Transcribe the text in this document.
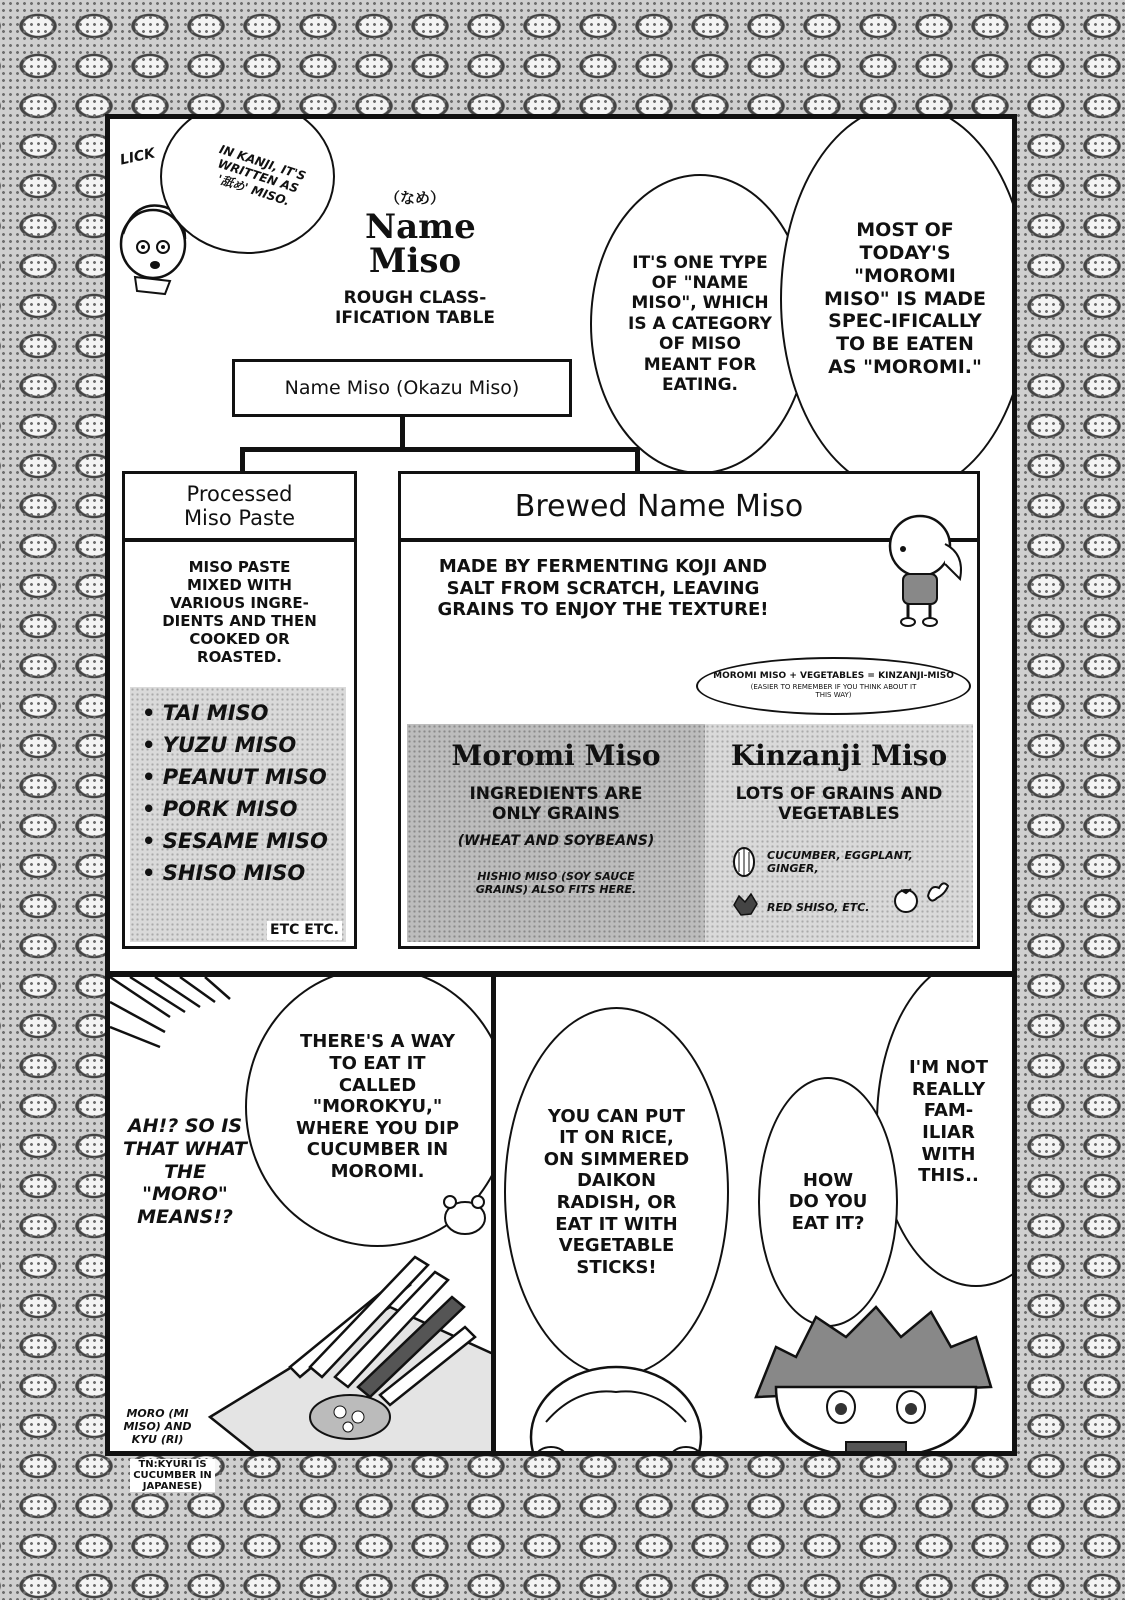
LICK	IN KANJI, IT'S WRITTEN AS '舐め' MISO.	（なめ）
Name Miso
ROUGH CLASS-IFICATION TABLE
IT'S ONE TYPE OF "NAME MISO", WHICH IS A CATEGORY OF MISO MEANT FOR EATING.
MOST OF TODAY'S "MOROMI MISO" IS MADE SPEC-IFICALLY TO BE EATEN AS "MOROMI."
Name Miso (Okazu Miso)
Processed Miso Paste
MISO PASTE MIXED WITH VARIOUS INGRE-DIENTS AND THEN COOKED OR ROASTED.
• TAI MISO
• YUZU MISO
• PEANUT MISO
• PORK MISO
• SESAME MISO
• SHISO MISO
ETC ETC.
Brewed Name Miso
MADE BY FERMENTING KOJI AND SALT FROM SCRATCH, LEAVING GRAINS TO ENJOY THE TEXTURE!
MOROMI MISO + VEGETABLES = KINZANJI-MISO
(EASIER TO REMEMBER IF YOU THINK ABOUT IT THIS WAY)
Moromi Miso
INGREDIENTS ARE ONLY GRAINS
(WHEAT AND SOYBEANS)
HISHIO MISO (SOY SAUCE GRAINS) ALSO FITS HERE.
Kinzanji Miso
LOTS OF GRAINS AND VEGETABLES
CUCUMBER, EGGPLANT, GINGER,
RED SHISO, ETC.
THERE'S A WAY TO EAT IT CALLED "MOROKYU," WHERE YOU DIP CUCUMBER IN MOROMI.
AH!? SO IS THAT WHAT THE "MORO" MEANS!?
MORO (MI MISO) AND KYU (RI)
TN:KYURI IS CUCUMBER IN JAPANESE)
YOU CAN PUT IT ON RICE, ON SIMMERED DAIKON RADISH, OR EAT IT WITH VEGETABLE STICKS!
I'M NOT REALLY FAM-ILIAR WITH THIS..
HOW DO YOU EAT IT?
